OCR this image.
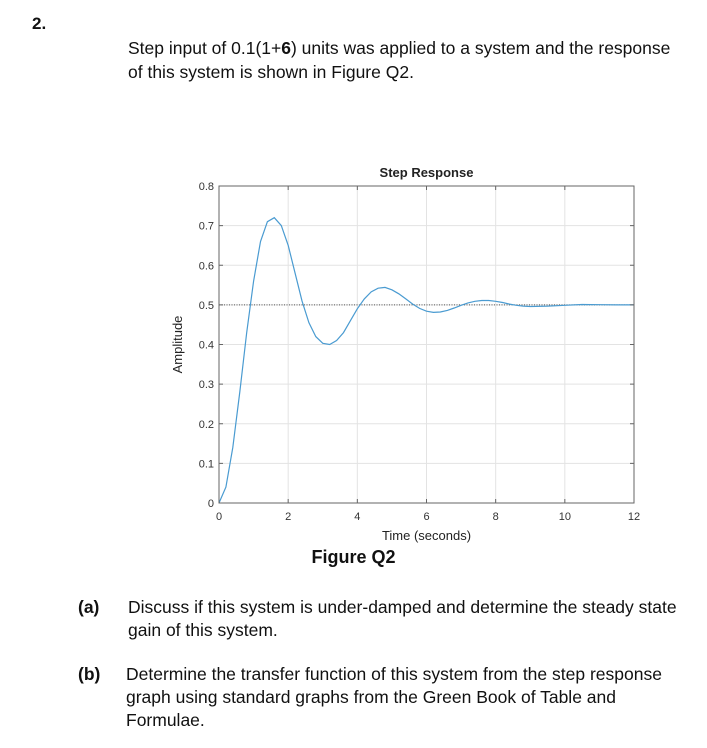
2.
Step input of 0.1(1+6) units was applied to a system and the response of this system is shown in Figure Q2.
0	2	4	6	8	10	12
0
0.1
0.2
0.3
0.4
0.5
0.6
0.7
0.8
Step Response
Time (seconds)
Amplitude
Figure Q2
(a) Discuss if this system is under-damped and determine the steady state gain of this system.
(b) Determine the transfer function of this system from the step response graph using standard graphs from the Green Book of Table and Formulae.
